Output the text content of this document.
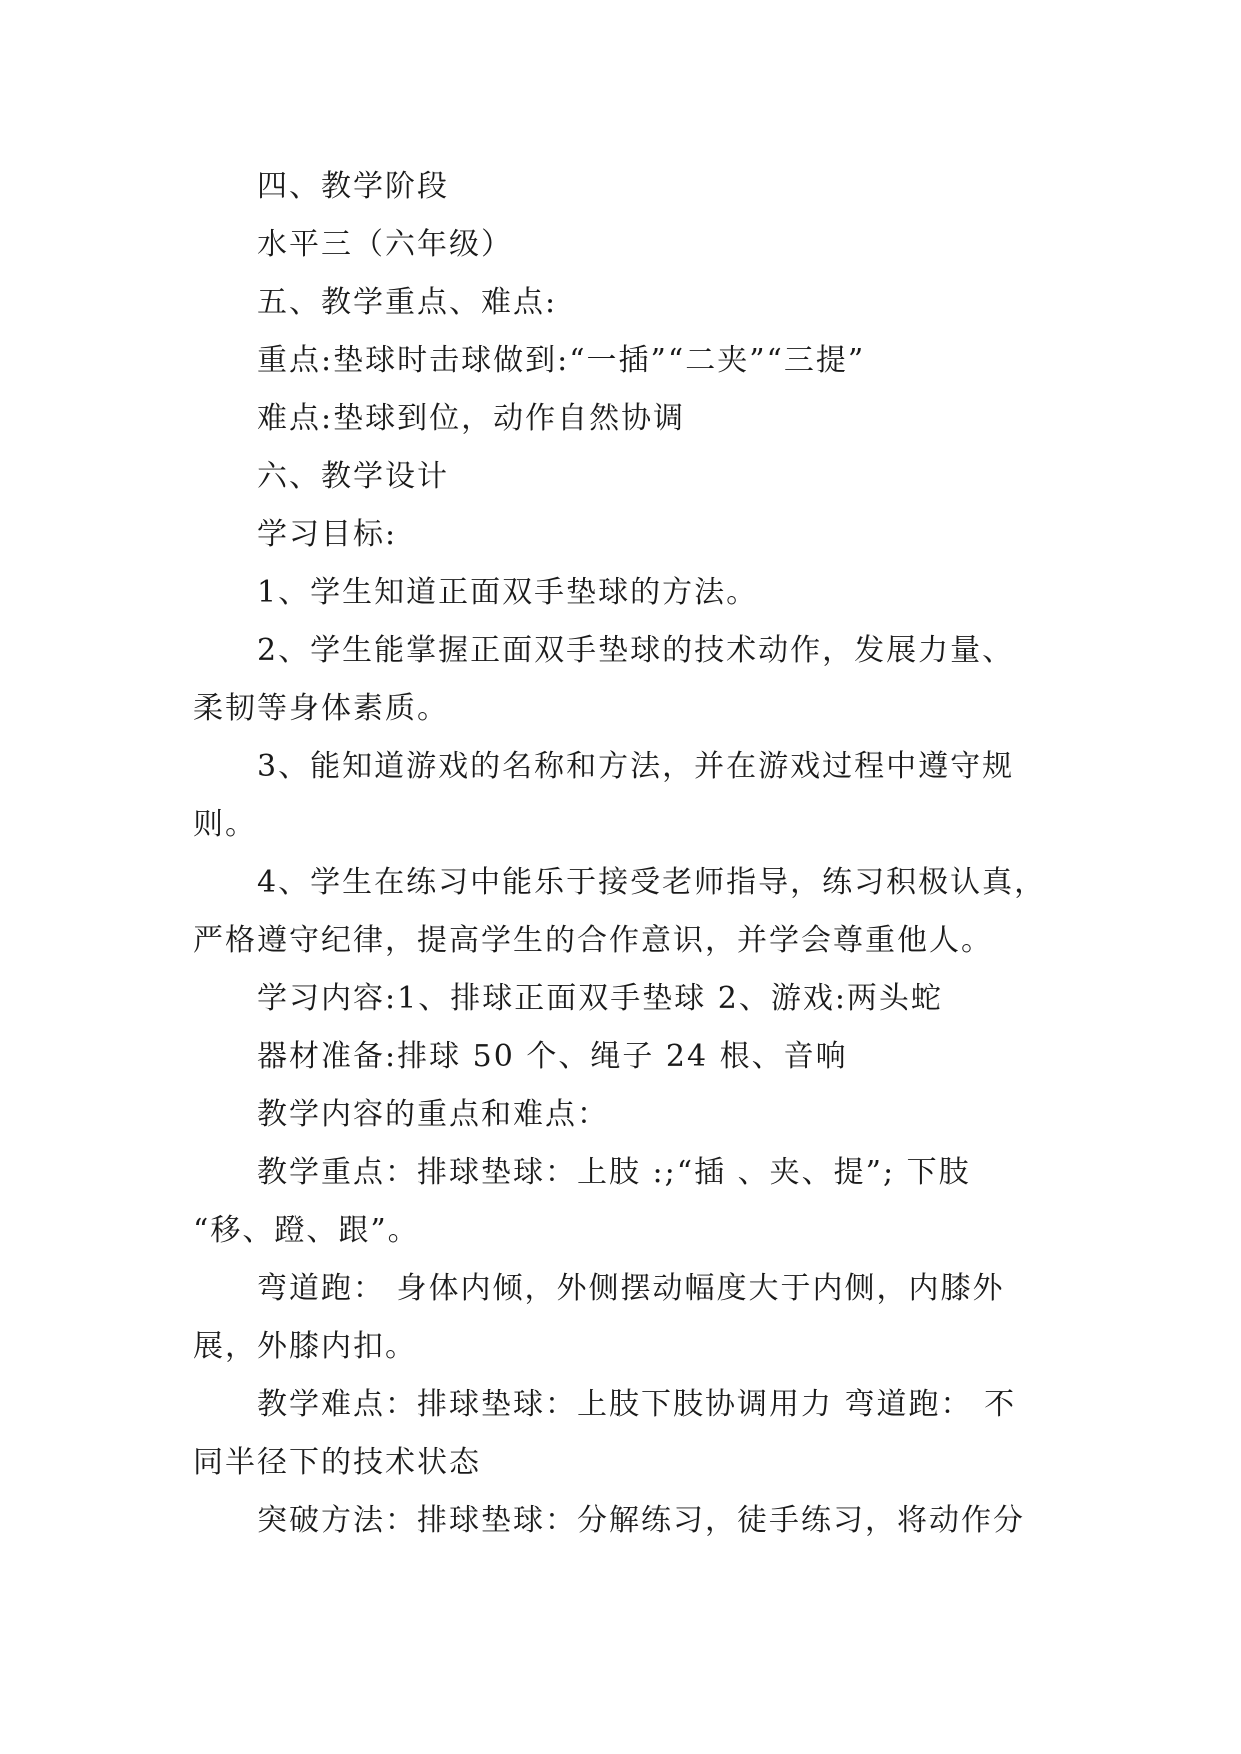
四、教学阶段
水平三（六年级）
五、教学重点、难点:
重点:垫球时击球做到:“一插”“二夹”“三提”
难点:垫球到位，动作自然协调
六、教学设计
学习目标:
1、学生知道正面双手垫球的方法。
2、学生能掌握正面双手垫球的技术动作，发展力量、
柔韧等身体素质。
3、能知道游戏的名称和方法，并在游戏过程中遵守规
则。
4、学生在练习中能乐于接受老师指导，练习积极认真，
严格遵守纪律，提高学生的合作意识，并学会尊重他人。
学习内容:1、排球正面双手垫球 2、游戏:两头蛇
器材准备:排球 50 个、绳子 24 根、音响
教学内容的重点和难点：
教学重点：排球垫球：上肢 :;“插 、夹、提”; 下肢
“移、蹬、跟”。
弯道跑： 身体内倾，外侧摆动幅度大于内侧，内膝外
展，外膝内扣。
教学难点：排球垫球：上肢下肢协调用力 弯道跑： 不
同半径下的技术状态
突破方法：排球垫球：分解练习，徒手练习，将动作分
